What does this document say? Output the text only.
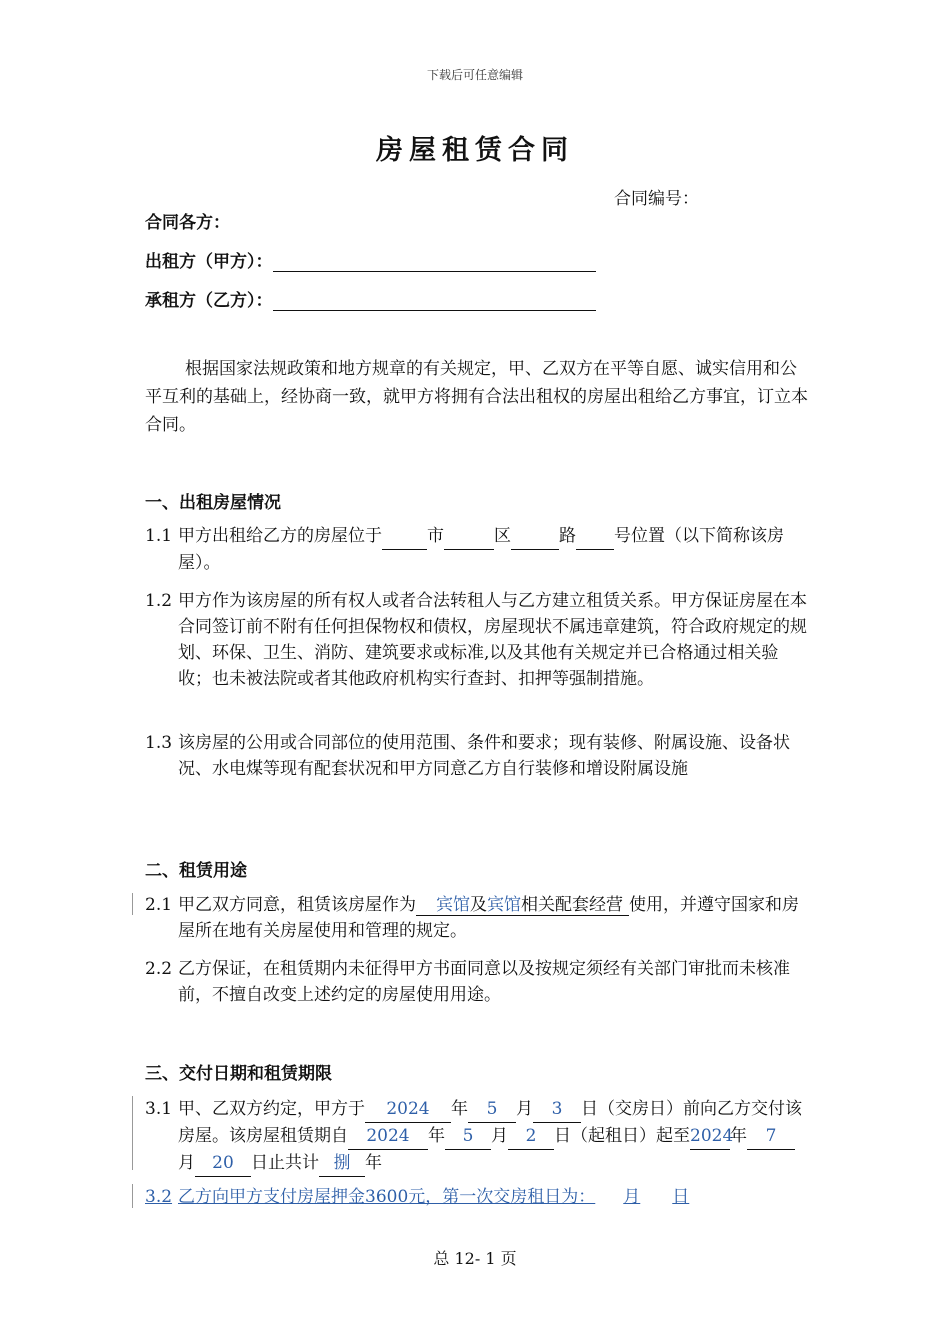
下载后可任意编辑
房屋租赁合同
合同编号：
合同各方：
出租方（甲方）：
承租方（乙方）：
根据国家法规政策和地方规章的有关规定，甲、乙双方在平等自愿、诚实信用和公平互利的基础上，经协商一致，就甲方将拥有合法出租权的房屋出租给乙方事宜，订立本合同。
一、出租房屋情况
1.1 甲方出租给乙方的房屋位于	市	区	路 号位置（以下简称该房屋）。
1.2 甲方作为该房屋的所有权人或者合法转租人与乙方建立租赁关系。甲方保证房屋在本合同签订前不附有任何担保物权和债权，房屋现状不属违章建筑，符合政府规定的规划、环保、卫生、消防、建筑要求或标准,以及其他有关规定并已合格通过相关验收；也未被法院或者其他政府机构实行查封、扣押等强制措施。
1.3 该房屋的公用或合同部位的使用范围、条件和要求；现有装修、附属设施、设备状况、水电煤等现有配套状况和甲方同意乙方自行装修和增设附属设施
二、租赁用途
2.1 甲乙双方同意，租赁该房屋作为 宾馆及宾馆相关配套经营 使用，并遵守国家和房屋所在地有关房屋使用和管理的规定。
2.2 乙方保证，在租赁期内未征得甲方书面同意以及按规定须经有关部门审批而未核准前，不擅自改变上述约定的房屋使用用途。
三、交付日期和租赁期限
3.1 甲、乙双方约定，甲方于 2024 年 5 月 3 日（交房日）前向乙方交付该房屋。该房屋租赁期自 2024 年 5 月 2 日（起租日）起至2024年 7月 20 日止共计 捌 年
3.2 乙方向甲方支付房屋押金3600元，第一次交房租日为： 月 日
总 12- 1 页
